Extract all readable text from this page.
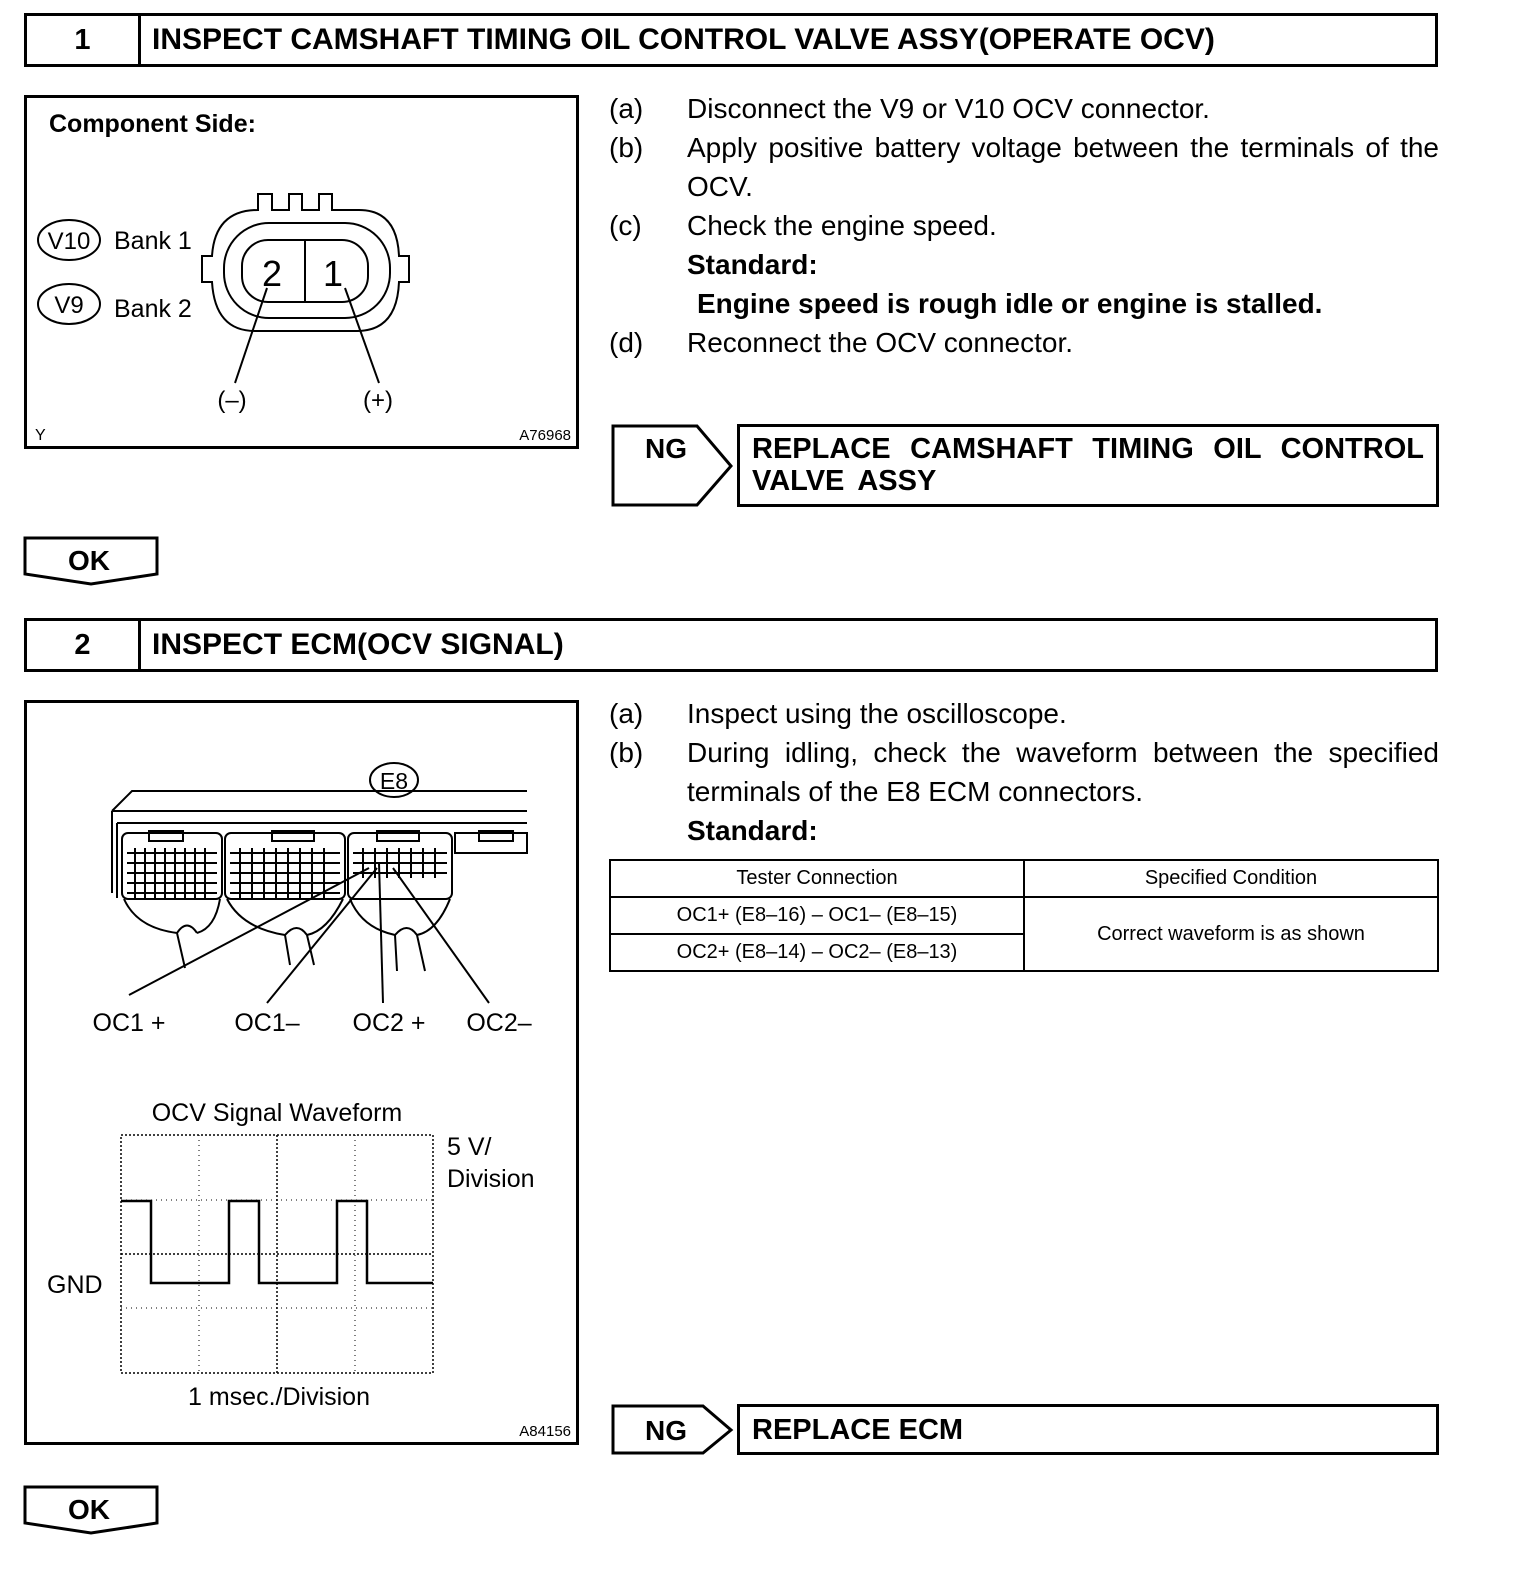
1	INSPECT CAMSHAFT TIMING OIL CONTROL VALVE ASSY(OPERATE OCV)
Component Side:
V10 Bank 1
V9 Bank 2
2 1
(–)	(+)
Y	A76968
(a) Disconnect the V9 or V10 OCV connector.
(b) Apply positive battery voltage between the terminals of the OCV.
(c) Check the engine speed.
Standard:
Engine speed is rough idle or engine is stalled.
(d) Reconnect the OCV connector.
NG REPLACE CAMSHAFT TIMING OIL CONTROL VALVE ASSY
OK
2	INSPECT ECM(OCV SIGNAL)
E8
OC1 +	OC1– OC2 + OC2–
OCV Signal Waveform
5 V/
Division
GND
1 msec./Division
A84156
(a) Inspect using the oscilloscope.
(b) During idling, check the waveform between the specified terminals of the E8 ECM connectors.
Standard:
Tester Connection	Specified Condition
OC1+ (E8–16) – OC1– (E8–15)	Correct waveform is as shown
OC2+ (E8–14) – OC2– (E8–13)	
NG REPLACE ECM
OK
